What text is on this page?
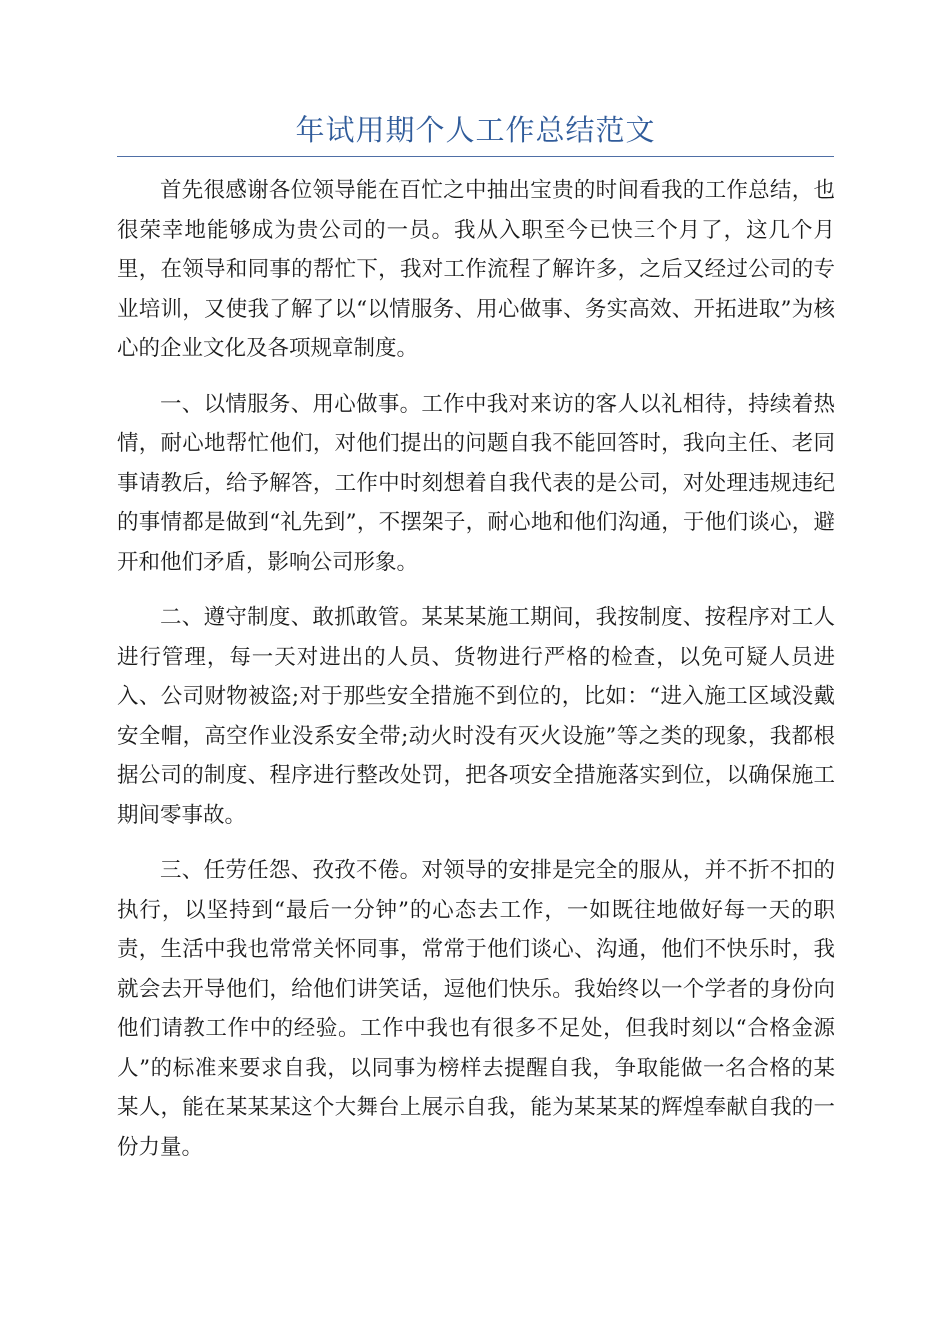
年试用期个人工作总结范文

首先很感谢各位领导能在百忙之中抽出宝贵的时间看我的工作总结，也很荣幸地能够成为贵公司的一员。我从入职至今已快三个月了，这几个月里，在领导和同事的帮忙下，我对工作流程了解许多，之后又经过公司的专业培训，又使我了解了以“以情服务、用心做事、务实高效、开拓进取”为核心的企业文化及各项规章制度。

一、以情服务、用心做事。工作中我对来访的客人以礼相待，持续着热情，耐心地帮忙他们，对他们提出的问题自我不能回答时，我向主任、老同事请教后，给予解答，工作中时刻想着自我代表的是公司，对处理违规违纪的事情都是做到“礼先到”，不摆架子，耐心地和他们沟通，于他们谈心，避开和他们矛盾，影响公司形象。

二、遵守制度、敢抓敢管。某某某施工期间，我按制度、按程序对工人进行管理，每一天对进出的人员、货物进行严格的检查，以免可疑人员进入、公司财物被盗;对于那些安全措施不到位的，比如：“进入施工区域没戴安全帽，高空作业没系安全带;动火时没有灭火设施”等之类的现象，我都根据公司的制度、程序进行整改处罚，把各项安全措施落实到位，以确保施工期间零事故。

三、任劳任怨、孜孜不倦。对领导的安排是完全的服从，并不折不扣的执行，以坚持到“最后一分钟”的心态去工作，一如既往地做好每一天的职责，生活中我也常常关怀同事，常常于他们谈心、沟通，他们不快乐时，我就会去开导他们，给他们讲笑话，逗他们快乐。我始终以一个学者的身份向他们请教工作中的经验。工作中我也有很多不足处，但我时刻以“合格金源人”的标准来要求自我，以同事为榜样去提醒自我，争取能做一名合格的某某人，能在某某某这个大舞台上展示自我，能为某某某的辉煌奉献自我的一份力量。
